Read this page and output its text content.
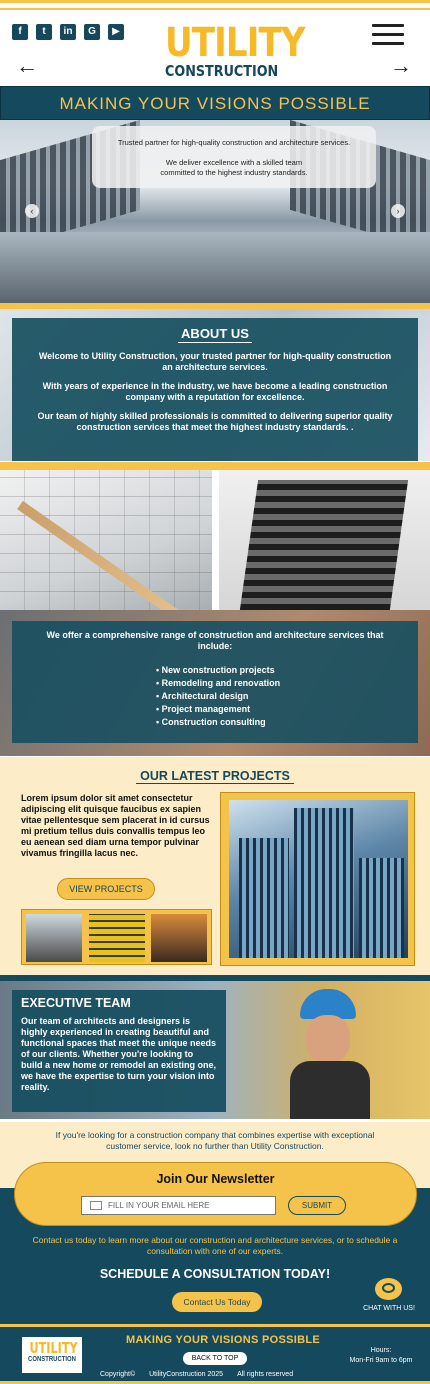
f	t	in	G	▶ UTILITY
CONSTRUCTION
←	→
MAKING YOUR VISIONS POSSIBLE

Trusted partner for high-quality construction and architecture services.

We deliver excellence with a skilled team
committed to the highest industry standards.

‹	›
ABOUT US

Welcome to Utility Construction, your trusted partner for high-quality construction an architecture services.

With years of experience in the industry, we have become a leading construction company with a reputation for excellence.

Our team of highly skilled professionals is committed to delivering superior quality construction services that meet the highest industry standards. .

We offer a comprehensive range of construction and architecture services that include:

• New construction projects
• Remodeling and renovation
• Architectural design
• Project management
• Construction consulting
OUR LATEST PROJECTS

Lorem ipsum dolor sit amet consectetur adipiscing elit quisque faucibus ex sapien vitae pellentesque sem placerat in id cursus mi pretium tellus duis convallis tempus leo eu aenean sed diam urna tempor pulvinar vivamus fringilla lacus nec.

VIEW PROJECTS
EXECUTIVE TEAM

Our team of architects and designers is highly experienced in creating beautiful and functional spaces that meet the unique needs of our clients. Whether you're looking to build a new home or remodel an existing one, we have the expertise to turn your vision into reality.

If you're looking for a construction company that combines expertise with exceptional customer service, look no further than Utility Construction.

Join Our Newsletter
FILL IN YOUR EMAIL HERE	SUBMIT

Contact us today to learn more about our construction and architecture services, or to schedule a consultation with one of our experts.

SCHEDULE A CONSULTATION TODAY!
Contact Us Today
CHAT WITH US!
UTILITY
CONSTRUCTION
MAKING YOUR VISIONS POSSIBLE
BACK TO TOP
Copyright© UtilityConstruction 2025 All rights reserved
Hours:
Mon-Fri 9am to 6pm
